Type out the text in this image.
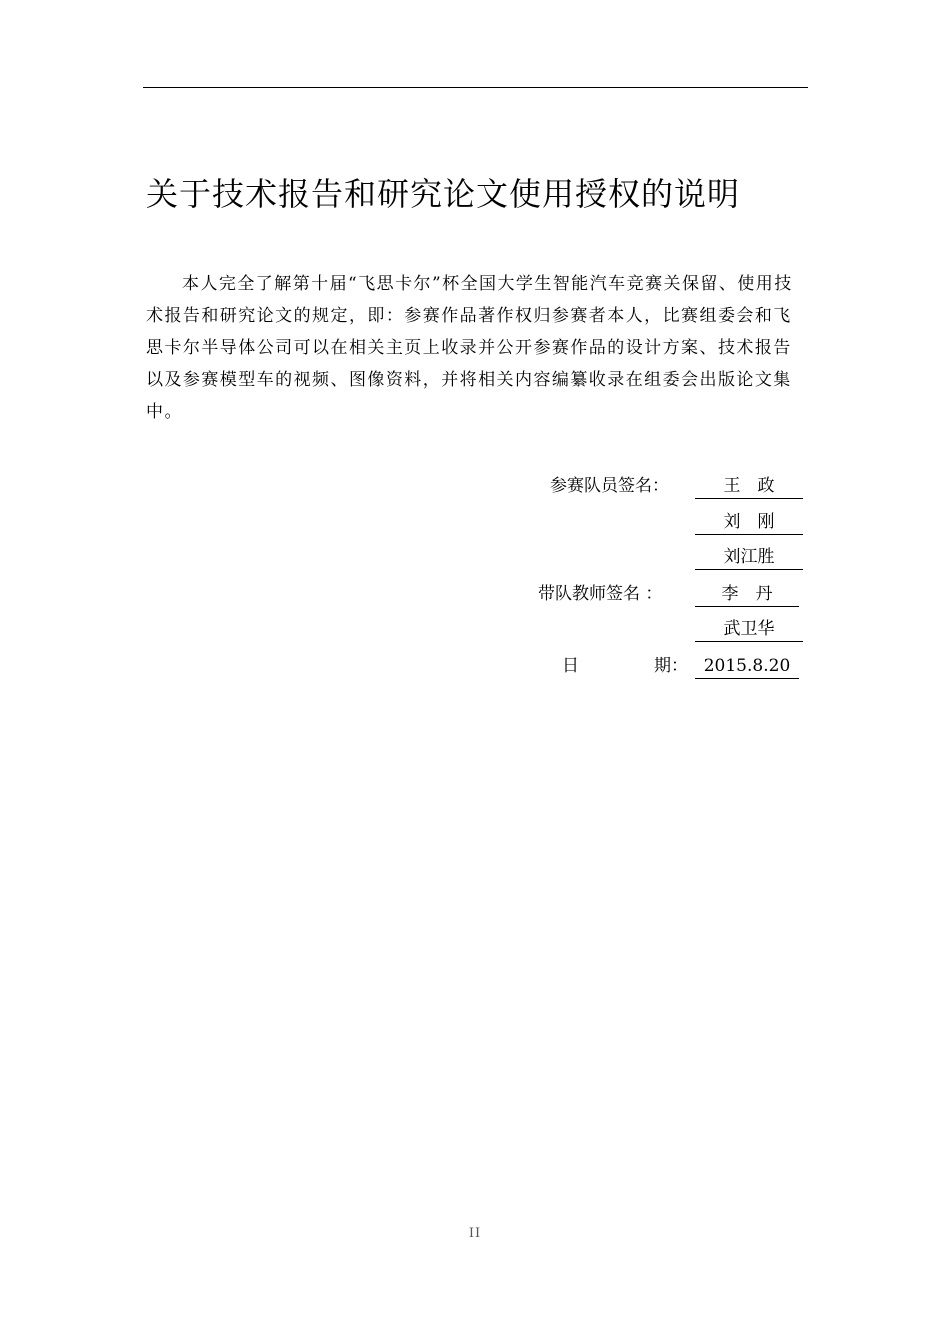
关于技术报告和研究论文使用授权的说明

本人完全了解第十届“飞思卡尔”杯全国大学生智能汽车竞赛关保留、使用技术报告和研究论文的规定，即：参赛作品著作权归参赛者本人，比赛组委会和飞思卡尔半导体公司可以在相关主页上收录并公开参赛作品的设计方案、技术报告以及参赛模型车的视频、图像资料，并将相关内容编纂收录在组委会出版论文集中。

参赛队员签名：	王　政
刘　刚
刘江胜
带队教师签名 ：	李　丹
武卫华
日	期： 2015.8.20
II
